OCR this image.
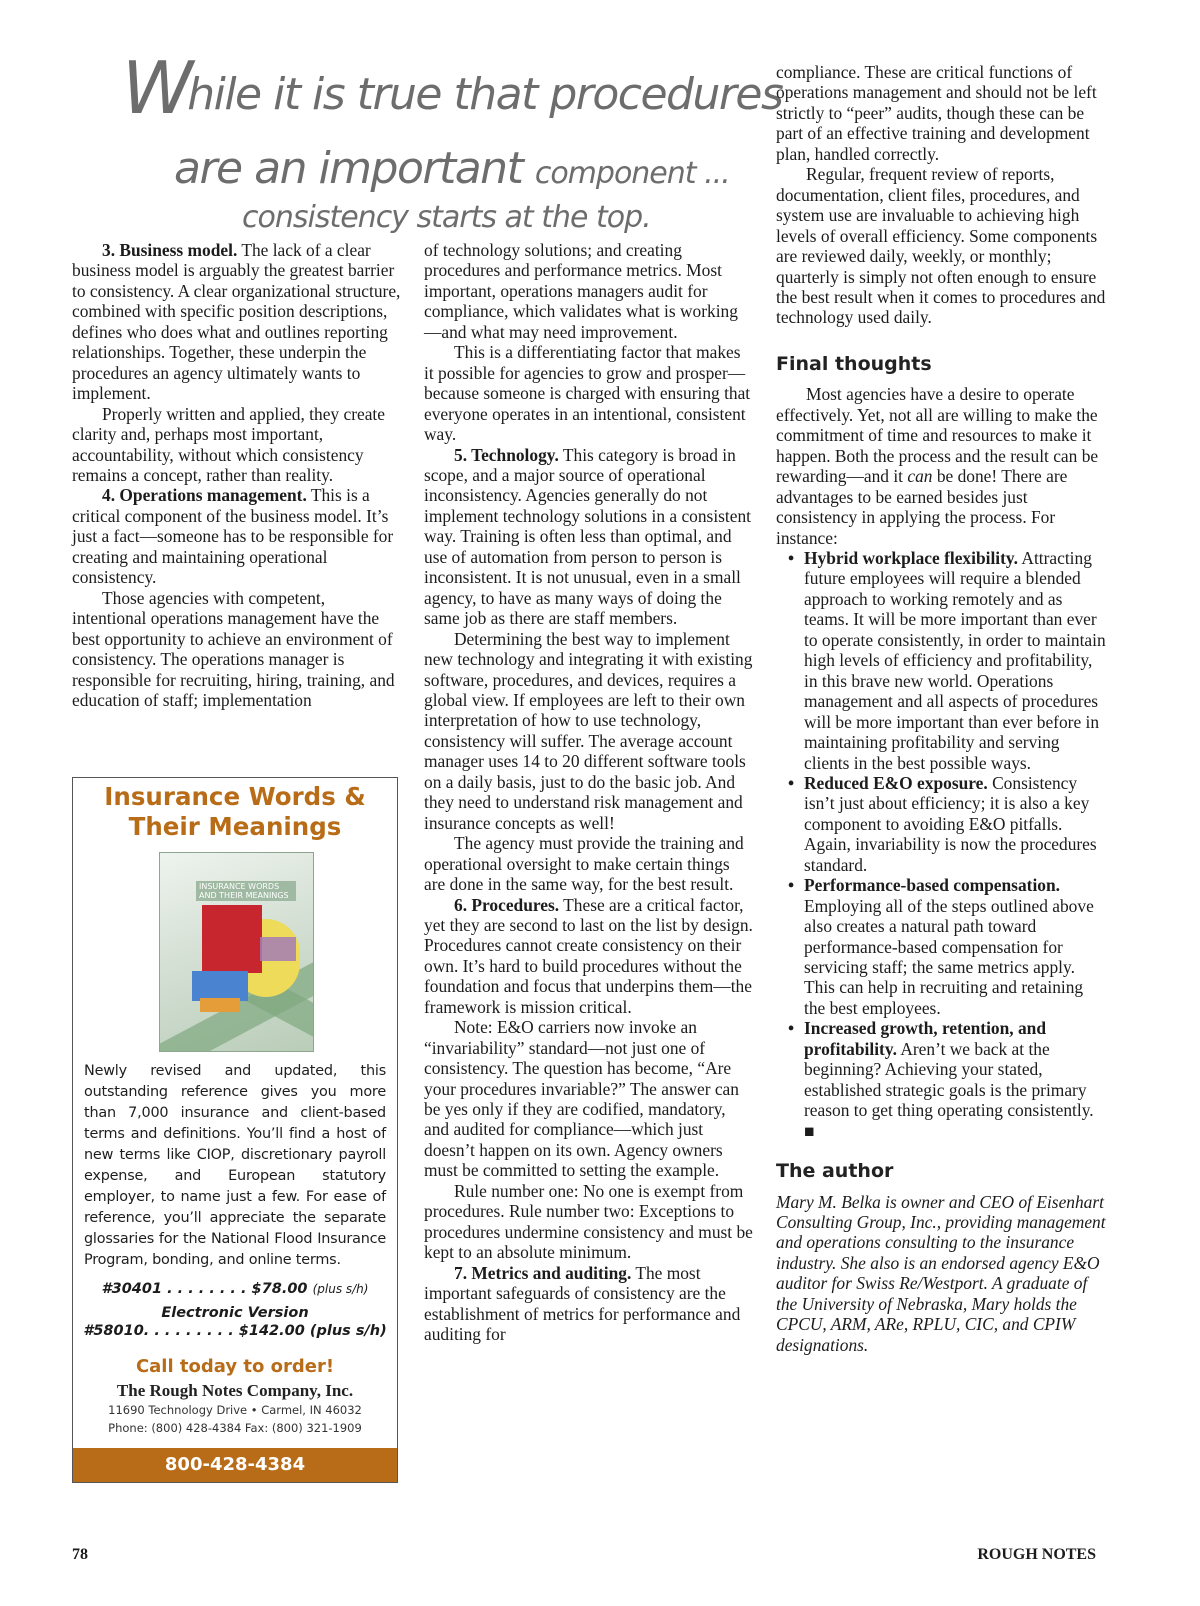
While it is true that procedures
are an important component ...
consistency starts at the top.

3. Business model. The lack of a clear business model is arguably the greatest barrier to consistency. A clear organizational structure, combined with specific position descriptions, defines who does what and outlines reporting relationships. Together, these underpin the procedures an agency ultimately wants to implement.

Properly written and applied, they create clarity and, perhaps most important, accountability, without which consistency remains a concept, rather than reality.

4. Operations management. This is a critical component of the business model. It’s just a fact—someone has to be responsible for creating and maintaining operational consistency.

Those agencies with competent, intentional operations management have the best opportunity to achieve an environment of consistency. The operations manager is responsible for recruiting, hiring, training, and education of staff; implementation

Insurance Words & Their Meanings
INSURANCE WORDS AND THEIR MEANINGS
Newly revised and updated, this outstanding reference gives you more than 7,000 insurance and client-based terms and definitions. You’ll find a host of new terms like CIOP, discretionary payroll expense, and European statutory employer, to name just a few. For ease of reference, you’ll appreciate the separate glossaries for the National Flood Insurance Program, bonding, and online terms.
#30401 . . . . . . . . $78.00 (plus s/h)
Electronic Version
#58010. . . . . . . . . $142.00 (plus s/h)
Call today to order!
The Rough Notes Company, Inc.
11690 Technology Drive • Carmel, IN 46032
Phone: (800) 428-4384 Fax: (800) 321-1909
800-428-4384

of technology solutions; and creating procedures and performance metrics. Most important, operations managers audit for compliance, which validates what is working—and what may need improvement.

This is a differentiating factor that makes it possible for agencies to grow and prosper—because someone is charged with ensuring that everyone operates in an intentional, consistent way.

5. Technology. This category is broad in scope, and a major source of operational inconsistency. Agencies generally do not implement technology solutions in a consistent way. Training is often less than optimal, and use of automation from person to person is inconsistent. It is not unusual, even in a small agency, to have as many ways of doing the same job as there are staff members.

Determining the best way to implement new technology and integrating it with existing software, procedures, and devices, requires a global view. If employees are left to their own interpretation of how to use technology, consistency will suffer. The average account manager uses 14 to 20 different software tools on a daily basis, just to do the basic job. And they need to understand risk management and insurance concepts as well!

The agency must provide the training and operational oversight to make certain things are done in the same way, for the best result.

6. Procedures. These are a critical factor, yet they are second to last on the list by design. Procedures cannot create consistency on their own. It’s hard to build procedures without the foundation and focus that underpins them—the framework is mission critical.

Note: E&O carriers now invoke an “invariability” standard—not just one of consistency. The question has become, “Are your procedures invariable?” The answer can be yes only if they are codified, mandatory, and audited for compliance—which just doesn’t happen on its own. Agency owners must be committed to setting the example.

Rule number one: No one is exempt from procedures. Rule number two: Exceptions to procedures undermine consistency and must be kept to an absolute minimum.

7. Metrics and auditing. The most important safeguards of consistency are the establishment of metrics for performance and auditing for

compliance. These are critical functions of operations management and should not be left strictly to “peer” audits, though these can be part of an effective training and development plan, handled correctly.

Regular, frequent review of reports, documentation, client files, procedures, and system use are invaluable to achieving high levels of overall efficiency. Some components are reviewed daily, weekly, or monthly; quarterly is simply not often enough to ensure the best result when it comes to procedures and technology used daily.

Final thoughts

Most agencies have a desire to operate effectively. Yet, not all are willing to make the commitment of time and resources to make it happen. Both the process and the result can be rewarding—and it can be done! There are advantages to be earned besides just consistency in applying the process. For instance:

• Hybrid workplace flexibility. Attracting future employees will require a blended approach to working remotely and as teams. It will be more important than ever to operate consistently, in order to maintain high levels of efficiency and profitability, in this brave new world. Operations management and all aspects of procedures will be more important than ever before in maintaining profitability and serving clients in the best possible ways.
• Reduced E&O exposure. Consistency isn’t just about efficiency; it is also a key component to avoiding E&O pitfalls. Again, invariability is now the procedures standard.
• Performance-based compensation. Employing all of the steps outlined above also creates a natural path toward performance-based compensation for servicing staff; the same metrics apply. This can help in recruiting and retaining the best employees.
• Increased growth, retention, and profitability. Aren’t we back at the beginning? Achieving your stated, established strategic goals is the primary reason to get thing operating consistently. ■
The author

Mary M. Belka is owner and CEO of Eisenhart Consulting Group, Inc., providing management and operations consulting to the insurance industry. She also is an endorsed agency E&O auditor for Swiss Re/Westport. A graduate of the University of Nebraska, Mary holds the CPCU, ARM, ARe, RPLU, CIC, and CPIW designations.

78	ROUGH NOTES
